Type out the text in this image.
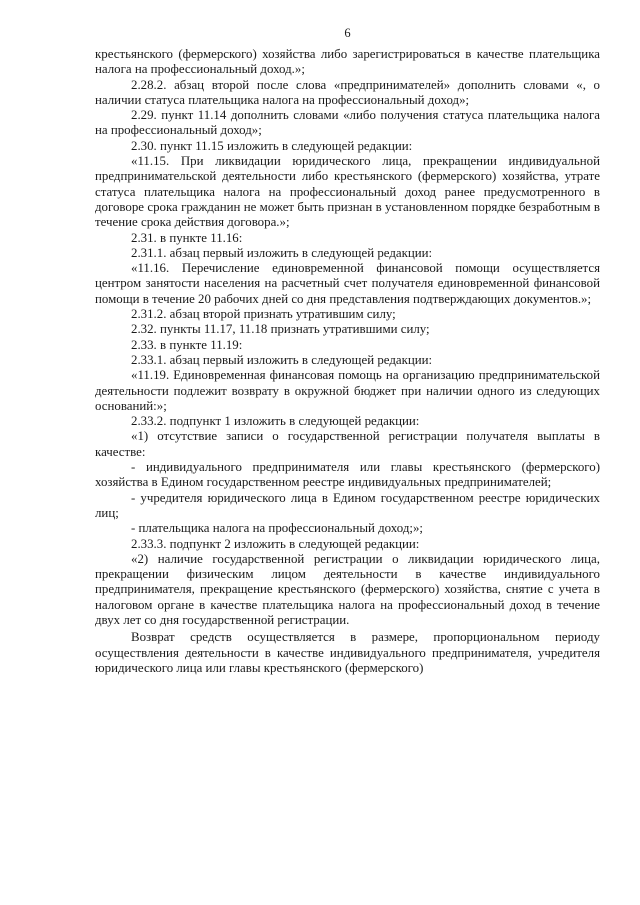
6

крестьянского (фермерского) хозяйства либо зарегистрироваться в качестве плательщика налога на профессиональный доход.»;

2.28.2. абзац второй после слова «предпринимателей» дополнить словами «, о наличии статуса плательщика налога на профессиональный доход»;

2.29. пункт 11.14 дополнить словами «либо получения статуса плательщика налога на профессиональный доход»;

2.30. пункт 11.15 изложить в следующей редакции:

«11.15. При ликвидации юридического лица, прекращении индивидуальной предпринимательской деятельности либо крестьянского (фермерского) хозяйства, утрате статуса плательщика налога на профессиональный доход ранее предусмотренного в договоре срока гражданин не может быть признан в установленном порядке безработным в течение срока действия договора.»;

2.31. в пункте 11.16:

2.31.1. абзац первый изложить в следующей редакции:

«11.16. Перечисление единовременной финансовой помощи осуществляется центром занятости населения на расчетный счет получателя единовременной финансовой помощи в течение 20 рабочих дней со дня представления подтверждающих документов.»;

2.31.2. абзац второй признать утратившим силу;

2.32. пункты 11.17, 11.18 признать утратившими силу;

2.33. в пункте 11.19:

2.33.1. абзац первый изложить в следующей редакции:

«11.19. Единовременная финансовая помощь на организацию предпринимательской деятельности подлежит возврату в окружной бюджет при наличии одного из следующих оснований:»;

2.33.2. подпункт 1 изложить в следующей редакции:

«1) отсутствие записи о государственной регистрации получателя выплаты в качестве:

- индивидуального предпринимателя или главы крестьянского (фермерского) хозяйства в Едином государственном реестре индивидуальных предпринимателей;

- учредителя юридического лица в Едином государственном реестре юридических лиц;

- плательщика налога на профессиональный доход;»;

2.33.3. подпункт 2 изложить в следующей редакции:

«2) наличие государственной регистрации о ликвидации юридического лица, прекращении физическим лицом деятельности в качестве индивидуального предпринимателя, прекращение крестьянского (фермерского) хозяйства, снятие с учета в налоговом органе в качестве плательщика налога на профессиональный доход в течение двух лет со дня государственной регистрации.

Возврат средств осуществляется в размере, пропорциональном периоду осуществления деятельности в качестве индивидуального предпринимателя, учредителя юридического лица или главы крестьянского (фермерского)
